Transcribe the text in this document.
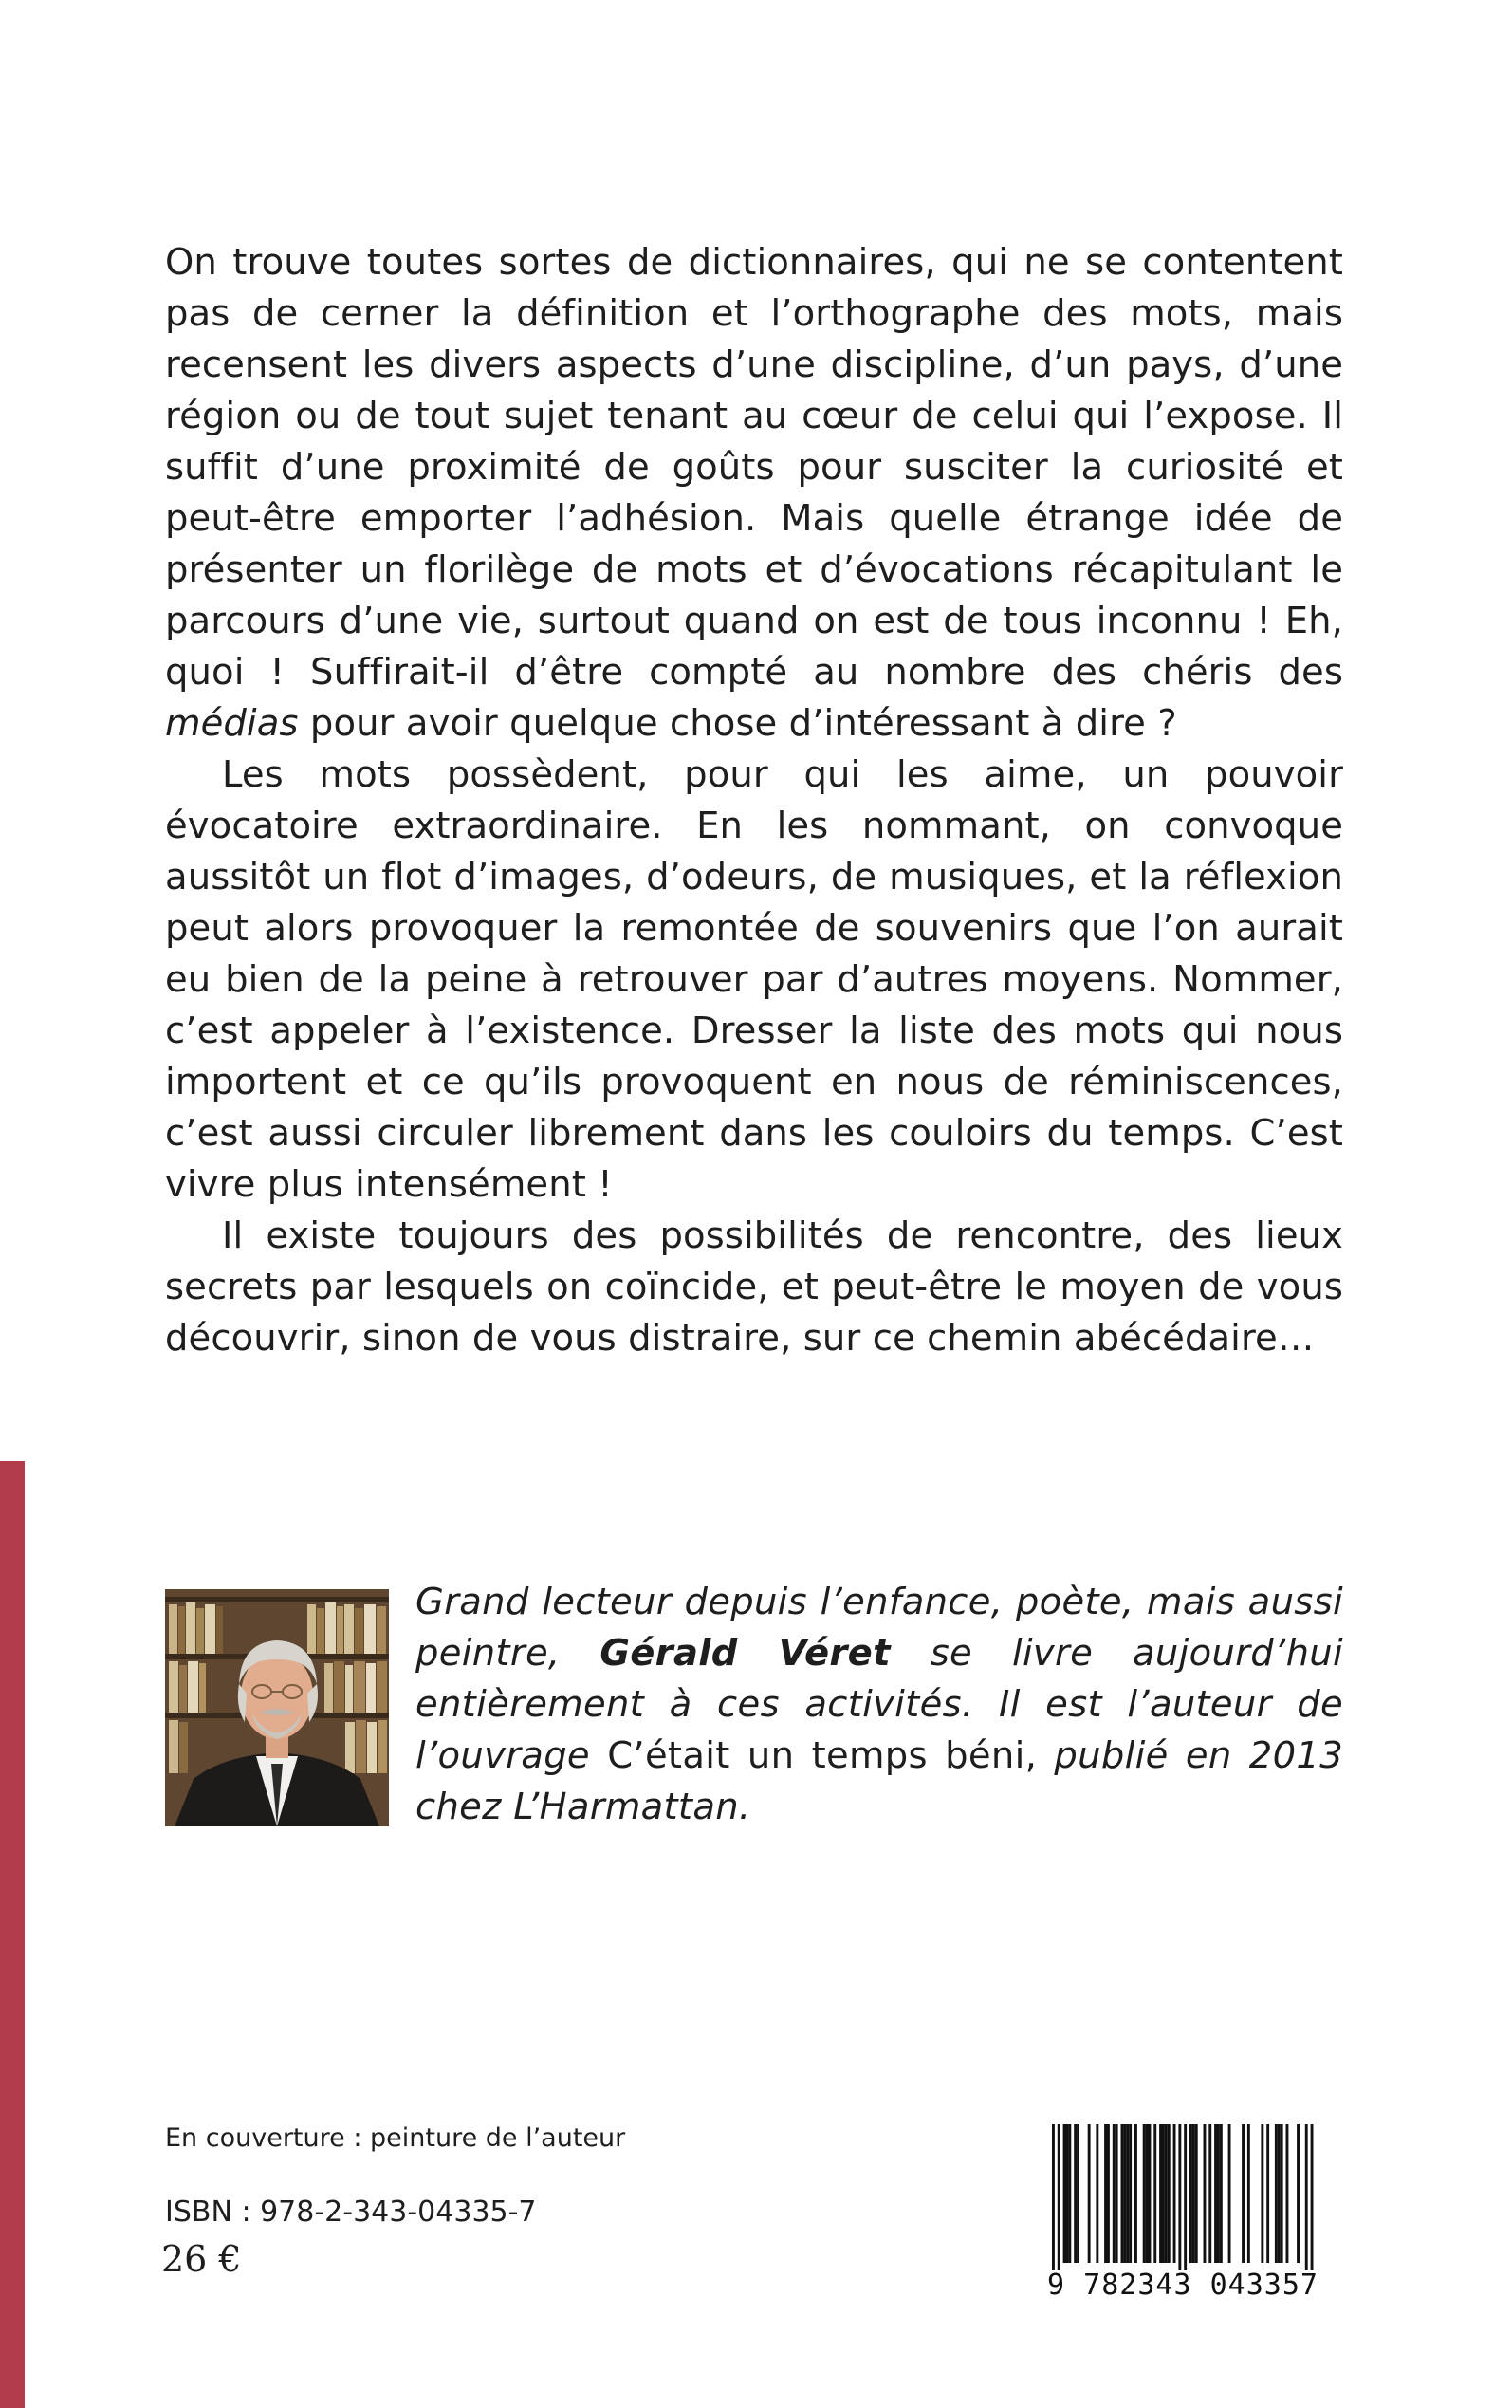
On trouve toutes sortes de dictionnaires, qui ne se contentent pas de cerner la définition et l’orthographe des mots, mais recensent les divers aspects d’une discipline, d’un pays, d’une région ou de tout sujet tenant au cœur de celui qui l’expose. Il suffit d’une proximité de goûts pour susciter la curiosité et peut-être emporter l’adhésion. Mais quelle étrange idée de présenter un florilège de mots et d’évocations récapitulant le parcours d’une vie, surtout quand on est de tous inconnu ! Eh, quoi ! Suffirait-il d’être compté au nombre des chéris des médias pour avoir quelque chose d’intéressant à dire ?

Les mots possèdent, pour qui les aime, un pouvoir évocatoire extraordinaire. En les nommant, on convoque aussitôt un flot d’images, d’odeurs, de musiques, et la réflexion peut alors provoquer la remontée de souvenirs que l’on aurait eu bien de la peine à retrouver par d’autres moyens. Nommer, c’est appeler à l’existence. Dresser la liste des mots qui nous importent et ce qu’ils provoquent en nous de réminiscences, c’est aussi circuler librement dans les couloirs du temps. C’est vivre plus intensément !

Il existe toujours des possibilités de rencontre, des lieux secrets par lesquels on coïncide, et peut-être le moyen de vous découvrir, sinon de vous distraire, sur ce chemin abécédaire…

Grand lecteur depuis l’enfance, poète, mais aussi peintre, Gérald Véret se livre aujourd’hui entièrement à ces activités. Il est l’auteur de l’ouvrage C’était un temps béni, publié en 2013 chez L’Harmattan.
En couverture : peinture de l’auteur
ISBN : 978-2-343-04335-7
26 €
9 782343 043357
